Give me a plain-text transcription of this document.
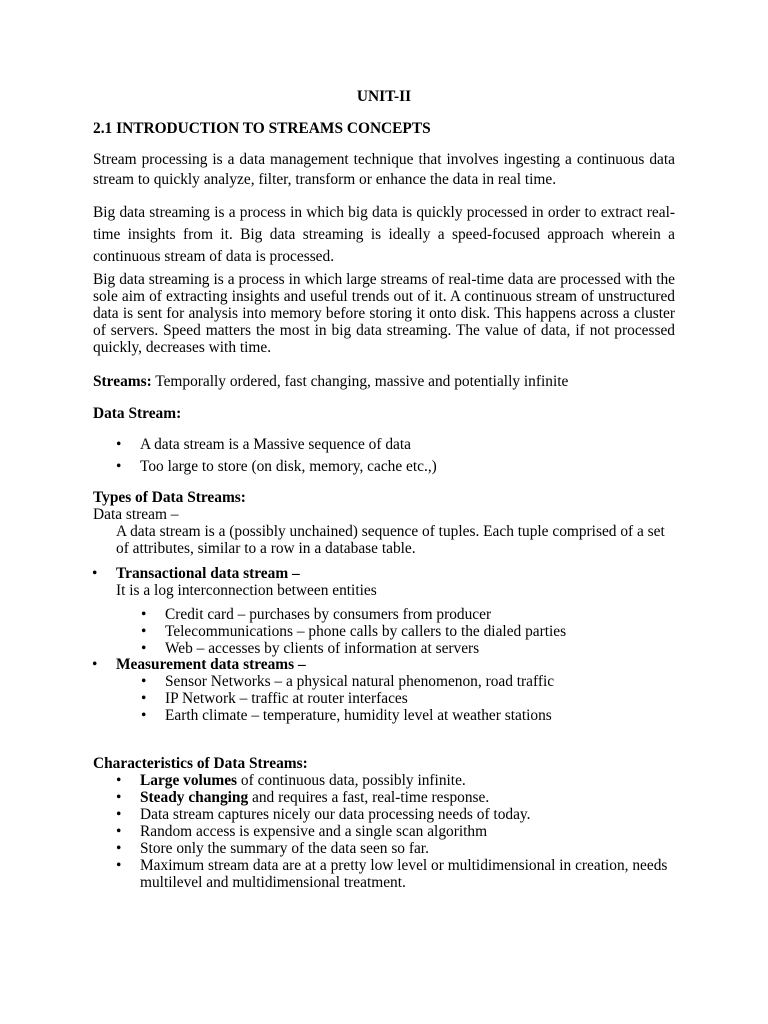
UNIT-II

2.1 INTRODUCTION TO STREAMS CONCEPTS

Stream processing is a data management technique that involves ingesting a continuous data stream to quickly analyze, filter, transform or enhance the data in real time.

Big data streaming is a process in which big data is quickly processed in order to extract real-time insights from it. Big data streaming is ideally a speed-focused approach wherein a continuous stream of data is processed.

Big data streaming is a process in which large streams of real-time data are processed with the sole aim of extracting insights and useful trends out of it. A continuous stream of unstructured data is sent for analysis into memory before storing it onto disk. This happens across a cluster of servers. Speed matters the most in big data streaming. The value of data, if not processed quickly, decreases with time.

Streams: Temporally ordered, fast changing, massive and potentially infinite

Data Stream:

• A data stream is a Massive sequence of data
• Too large to store (on disk, memory, cache etc.,)

Types of Data Streams:

Data stream –

A data stream is a (possibly unchained) sequence of tuples. Each tuple comprised of a set of attributes, similar to a row in a database table.

• Transactional data stream –
It is a log interconnection between entities
• Credit card – purchases by consumers from producer
• Telecommunications – phone calls by callers to the dialed parties
• Web – accesses by clients of information at servers
• Measurement data streams –
• Sensor Networks – a physical natural phenomenon, road traffic
• IP Network – traffic at router interfaces
• Earth climate – temperature, humidity level at weather stations

Characteristics of Data Streams:

• Large volumes of continuous data, possibly infinite.
• Steady changing and requires a fast, real-time response.
• Data stream captures nicely our data processing needs of today.
• Random access is expensive and a single scan algorithm
• Store only the summary of the data seen so far.
• Maximum stream data are at a pretty low level or multidimensional in creation, needs multilevel and multidimensional treatment.
